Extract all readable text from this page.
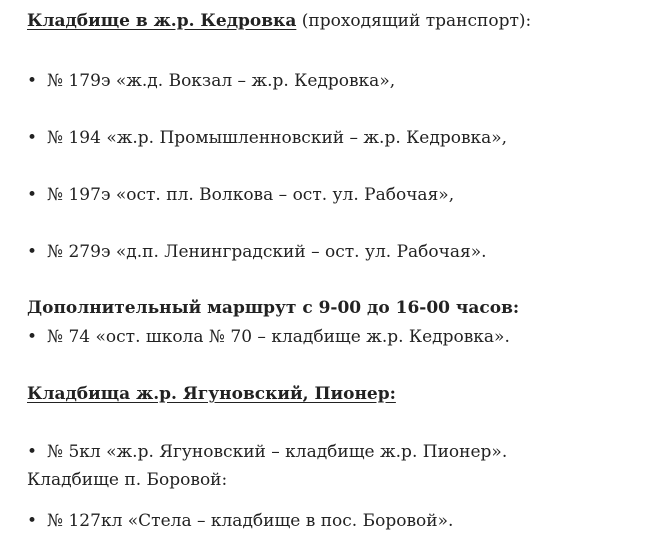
Кладбище в ж.р. Кедровка (проходящий транспорт):
• № 179э «ж.д. Вокзал – ж.р. Кедровка»,
• № 194 «ж.р. Промышленновский – ж.р. Кедровка»,
• № 197э «ост. пл. Волкова – ост. ул. Рабочая»,
• № 279э «д.п. Ленинградский – ост. ул. Рабочая».
Дополнительный маршрут с 9-00 до 16-00 часов:
• № 74 «ост. школа № 70 – кладбище ж.р. Кедровка».
Кладбища ж.р. Ягуновский, Пионер:
• № 5кл «ж.р. Ягуновский – кладбище ж.р. Пионер».
Кладбище п. Боровой:
• № 127кл «Стела – кладбище в пос. Боровой».
